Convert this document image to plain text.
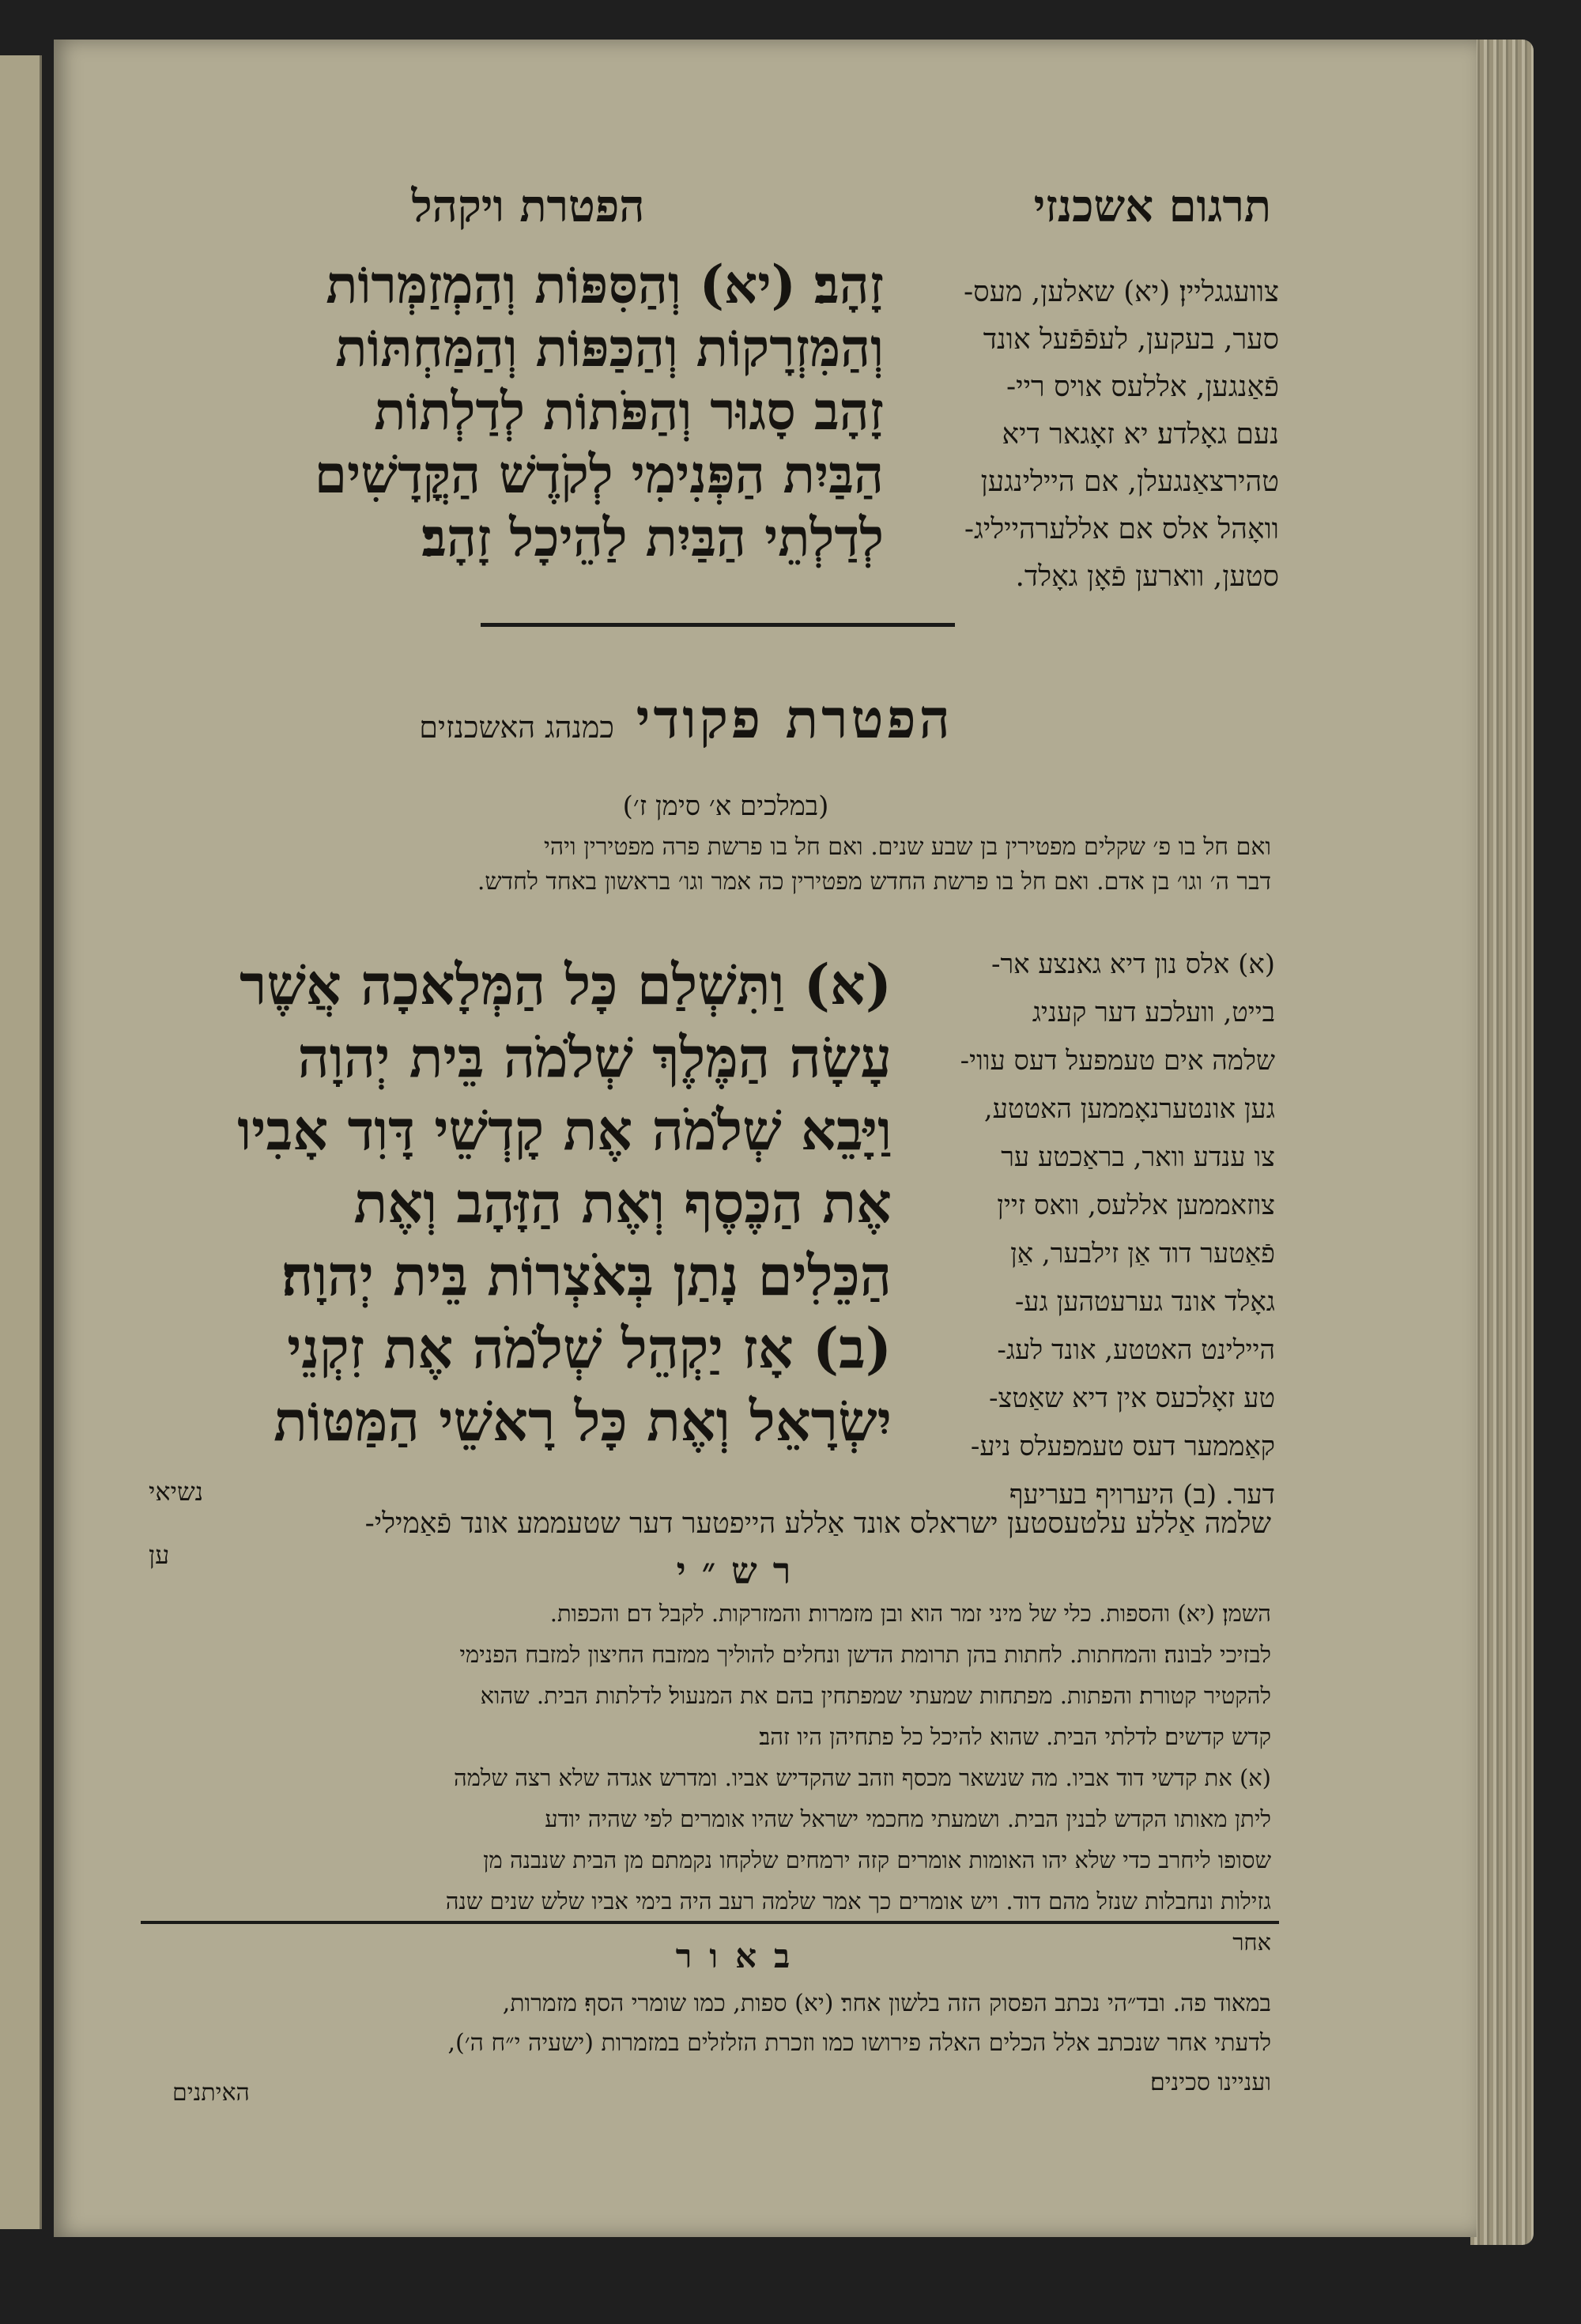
הפטרת ויקהל	תרגום אשכנזי

זָהָב׃ (יא) וְהַסִּפּוֹת וְהַמְזַמְּרוֹת

וְהַמִּזְרָקוֹת וְהַכַּפּוֹת וְהַמַּחְתּוֹת

זָהָב סָגוּר וְהַפֹּתוֹת לְדַלְתוֹת

הַבַּיִת הַפְּנִימִי לְקֹדֶשׁ הַקֳּדָשִׁים

לְדַלְתֵי הַבַּיִת לַהֵיכָל זָהָב׃

צוועגגליין׃ (יא) שאלען, מעס-

סער, בעקען, לעפֿפֿעל אונד

פֿאַנגען, אללעס אויס ריי-

נעם גאָלדע׃ יא זאָגאר דיא

טהירצאַנגעלן, אם היילינגען

וואָהל אלס אם אללערהייליג-

סטען, ווארען פֿאָן גאָלד.

הפטרת פקודי כמנהג האשכנזים
(במלכים א׳ סימן ז׳)

ואם חל בו פ׳ שקלים מפטירין בן שבע שנים. ואם חל בו פרשת פרה מפטירין ויהי

דבר ה׳ וגו׳ בן אדם. ואם חל בו פרשת החדש מפטירין כה אמר וגו׳ בראשון באחד לחדש.

(א) וַתִּשְׁלַם כָּל הַמְּלָאכָה אֲשֶׁר

עָשָׂה הַמֶּלֶךְ שְׁלֹמֹה בֵּית יְהוָה

וַיָּבֵא שְׁלֹמֹה אֶת קָדְשֵׁי דָּוִד אָבִיו

אֶת הַכֶּסֶף וְאֶת הַזָּהָב וְאֶת

הַכֵּלִים נָתַן בְּאֹצְרוֹת בֵּית יְהוָה׃

(ב) אָז יַקְהֵל שְׁלֹמֹה אֶת זִקְנֵי

יִשְׂרָאֵל וְאֶת כָּל רָאשֵׁי הַמַּטּוֹת

(א) אלס נון דיא גאנצע אר-

בייט, וועלכע דער קעניג

שלמה אים טעמפעל דעס עווי-

גען אונטערנאָממען האטטע,

צו ענדע וואר, בראַכטע ער

צוזאממען אללעס, וואס זיין

פֿאַטער דוד אַן זילבער, אַן

גאָלד אונד גערעטהען גע-

היילינט האטטע, אונד לעג-

טע זאָלכעס אין דיא שאַטצ-

קאַממער דעס טעמפעלס ניע-

דער. (ב) היערויף בעריעף

נשיאי
שלמה אַללע עלטעסטען ישראלס אונד אַללע הייפטער דער שטעממע אונד פֿאַמילי-
ען	רש״י

השמן׃ (יא) והספות. כלי של מיני זמר הוא ובן מזמרות׃ והמזרקות. לקבל דם׃ והכפות.

לבזיכי לבונה׃ והמחתות. לחתות בהן תרומת הדשן ונחלים להוליך ממזבח החיצון למזבח הפנימי

להקטיר קטורת׃ והפתות. מפתחות שמעתי שמפתחין בהם את המנעול׃ לדלתות הבית. שהוא

קדש קדשים׃ לדלתי הבית. שהוא להיכל כל פתחיהן היו זהב׃

(א) את קדשי דוד אביו. מה שנשאר מכסף וזהב שהקדיש אביו. ומדרש אגדה שלא רצה שלמה

ליתן מאותו הקדש לבנין הבית. ושמעתי מחכמי ישראל שהיו אומרים לפי שהיה יודע

שסופו ליחרב כדי שלא יהו האומות אומרים קזה ירמחים שלקחו נקמתם מן הבית שנבנה מן

גזילות ונחבלות שנזל מהם דוד. ויש אומרים כך אמר שלמה רעב היה בימי אביו שלש שנים שנה

אחר

באור

במאוד פה. ובד״הי נכתב הפסוק הזה בלשון אחר׃ (יא) ספות, כמו שומרי הסף׃ מזמרות,

לדעתי אחר שנכתב אלל הכלים האלה פירושו כמו וזכרת הזלזלים במזמרות (ישעיה י״ח ה׳),

ועניינו סכינים׃

האיתנים
